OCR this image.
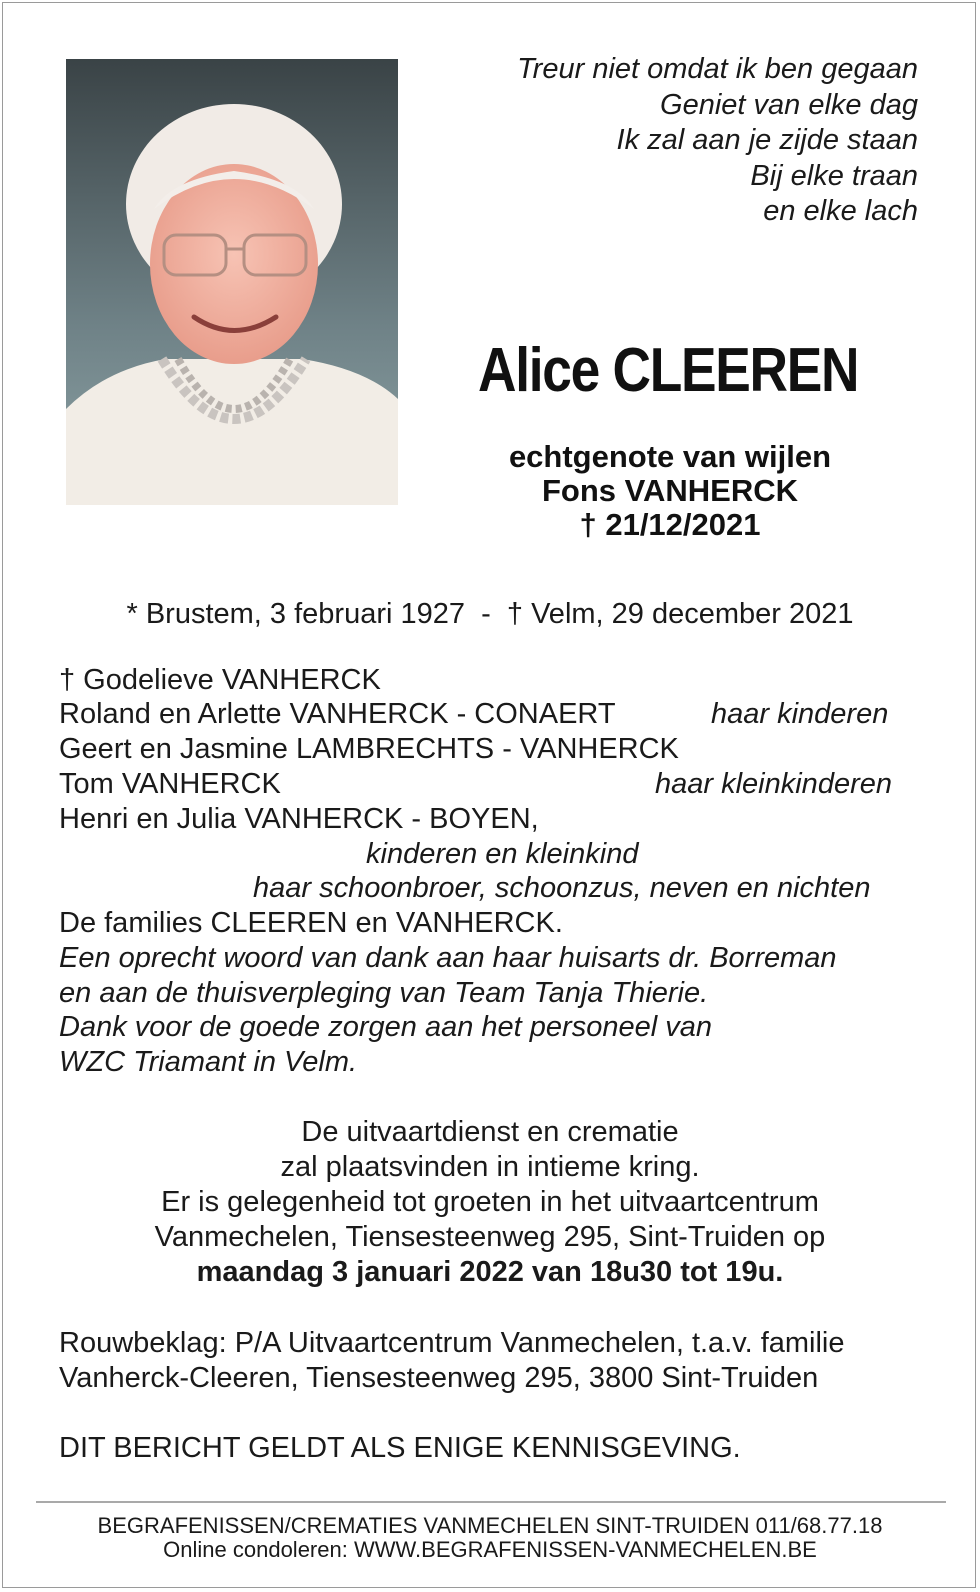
Treur niet omdat ik ben gegaan
Geniet van elke dag
Ik zal aan je zijde staan
Bij elke traan
en elke lach
Alice CLEEREN
echtgenote van wijlen
Fons VANHERCK
† 21/12/2021
* Brustem, 3 februari 1927  -  † Velm, 29 december 2021
† Godelieve VANHERCK
Roland en Arlette VANHERCK - CONAERT	haar kinderen
Geert en Jasmine LAMBRECHTS - VANHERCK
Tom VANHERCK	haar kleinkinderen
Henri en Julia VANHERCK - BOYEN,
kinderen en kleinkind
haar schoonbroer, schoonzus, neven en nichten
De families CLEEREN en VANHERCK.
Een oprecht woord van dank aan haar huisarts dr. Borreman
en aan de thuisverpleging van Team Tanja Thierie.
Dank voor de goede zorgen aan het personeel van
WZC Triamant in Velm.
De uitvaartdienst en crematie
zal plaatsvinden in intieme kring.
Er is gelegenheid tot groeten in het uitvaartcentrum
Vanmechelen, Tiensesteenweg 295, Sint-Truiden op
maandag 3 januari 2022 van 18u30 tot 19u.
Rouwbeklag: P/A Uitvaartcentrum Vanmechelen, t.a.v. familie
Vanherck-Cleeren, Tiensesteenweg 295, 3800 Sint-Truiden
DIT BERICHT GELDT ALS ENIGE KENNISGEVING.
BEGRAFENISSEN/CREMATIES VANMECHELEN SINT-TRUIDEN 011/68.77.18
Online condoleren: WWW.BEGRAFENISSEN-VANMECHELEN.BE
